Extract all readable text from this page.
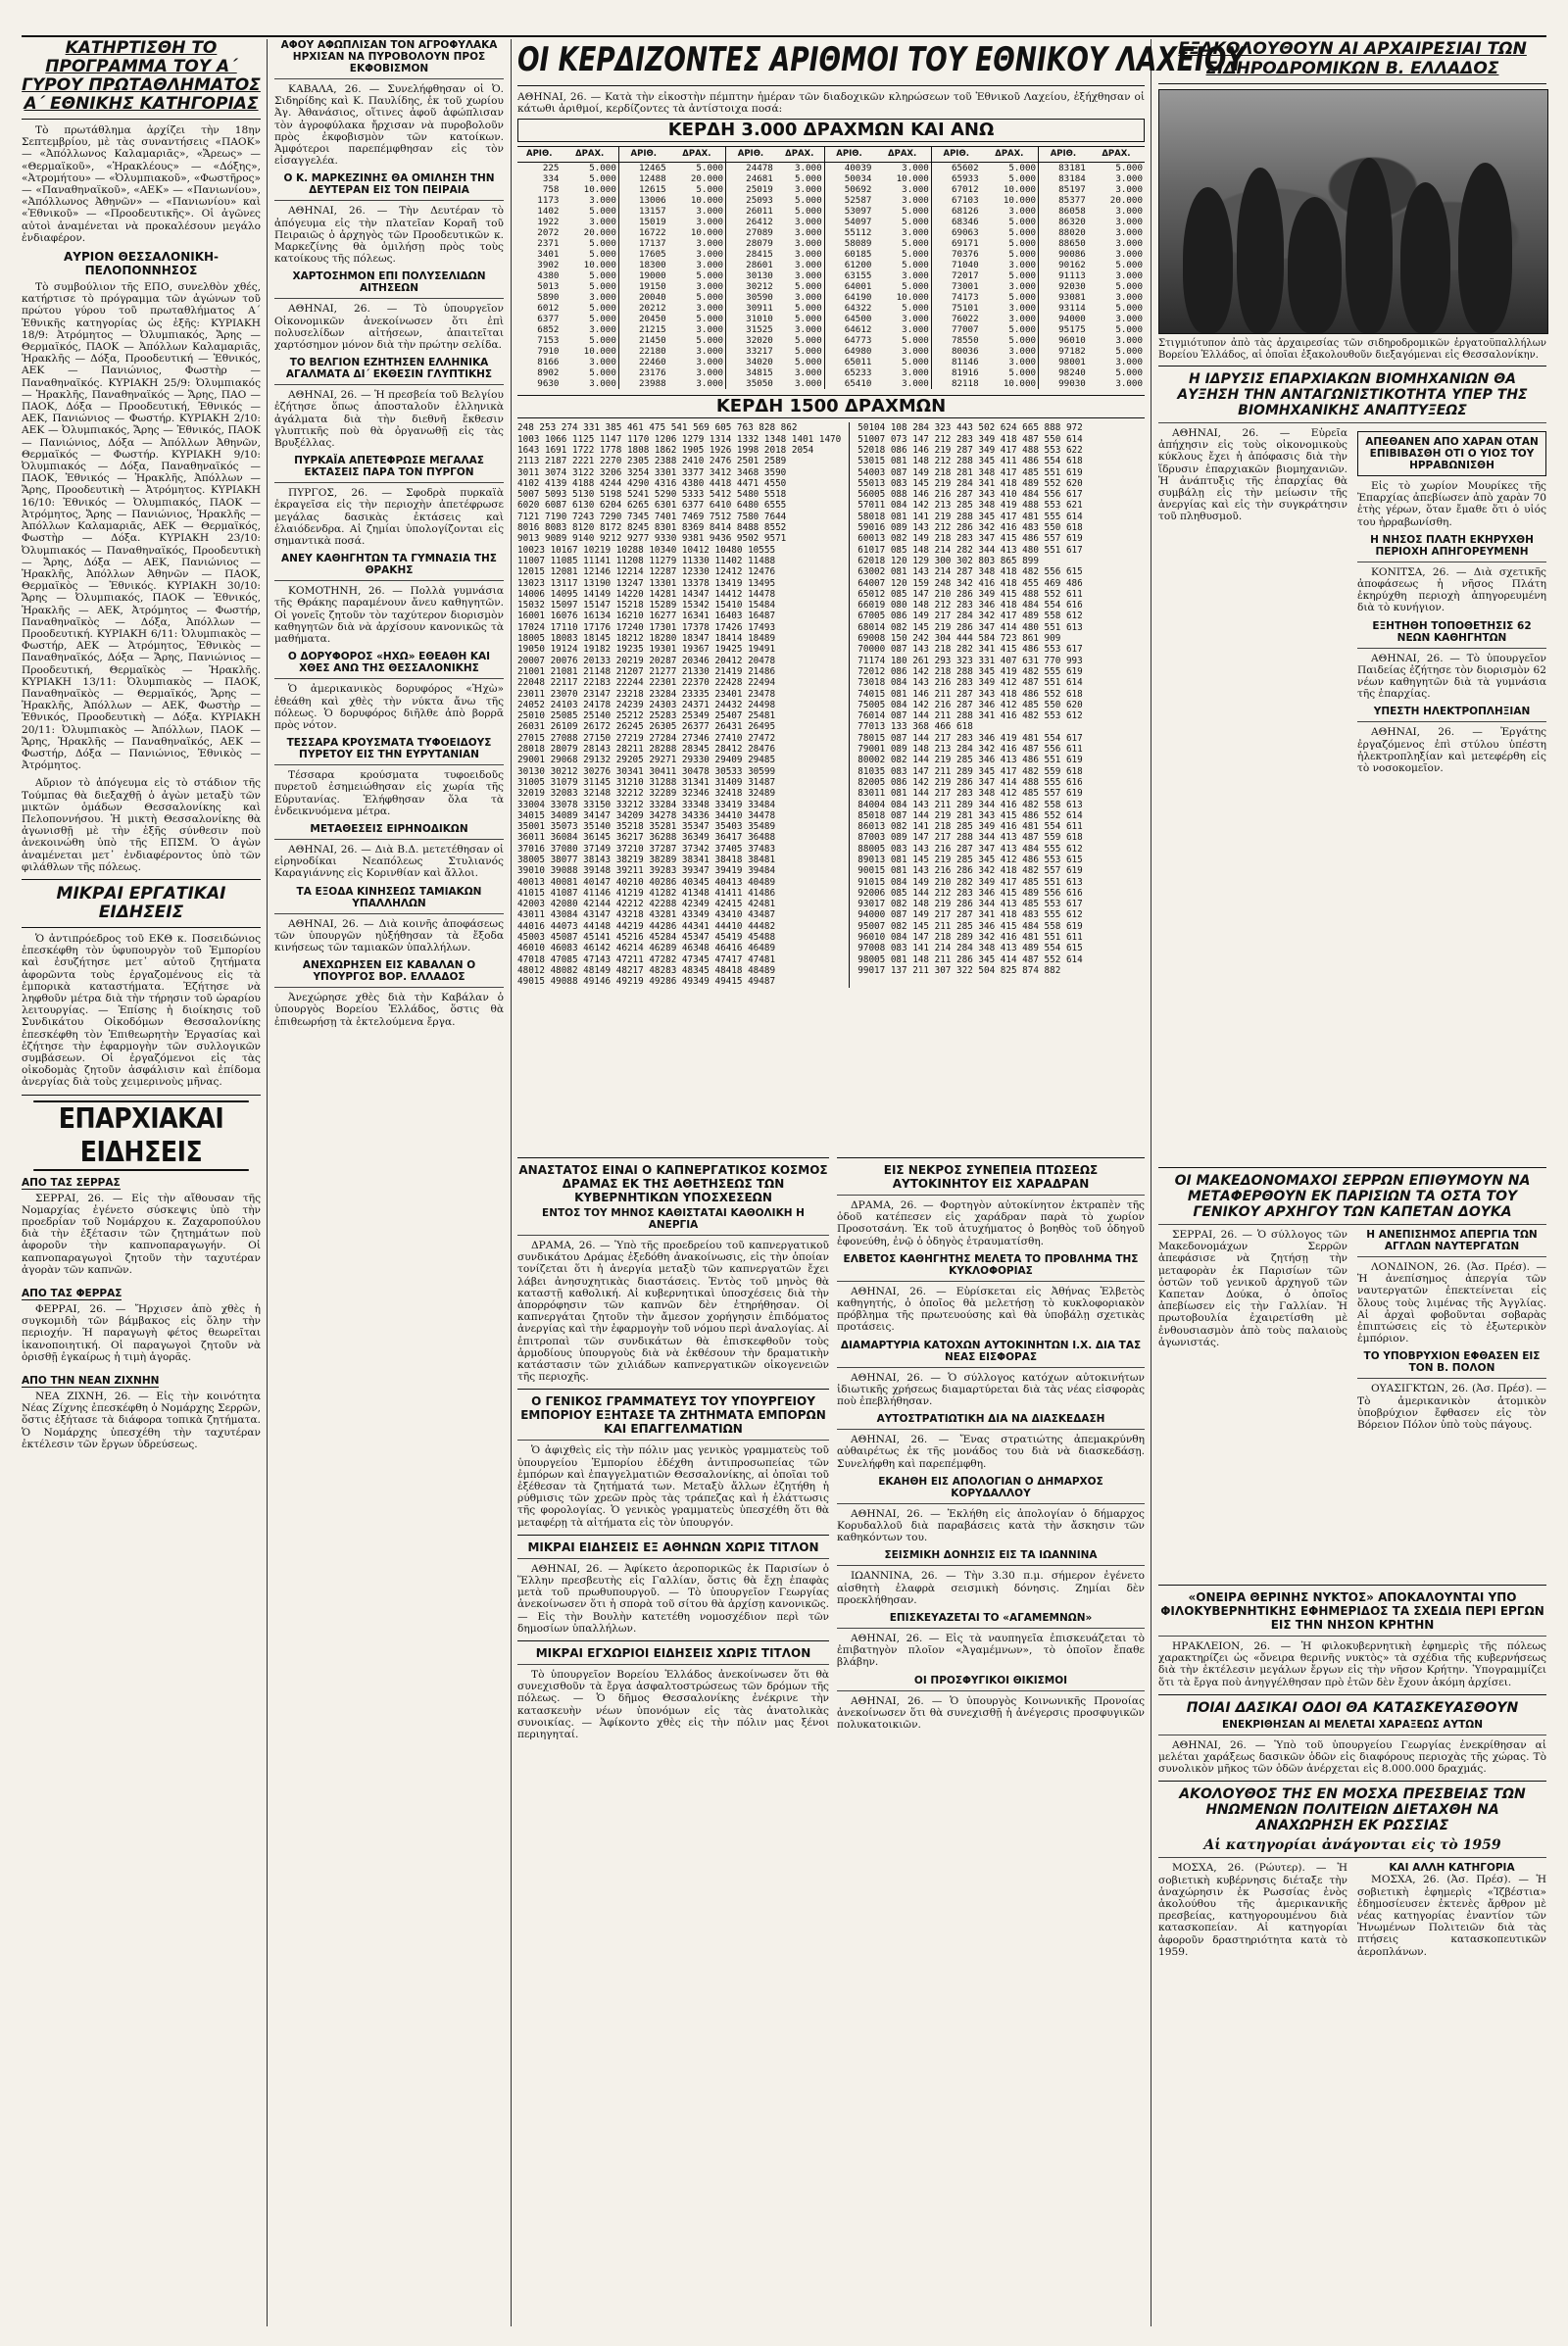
ΚΑΤΗΡΤΙΣΘΗ ΤΟ ΠΡΟΓΡΑΜΜΑ ΤΟΥ Α΄ ΓΥΡΟΥ ΠΡΩΤΑΘΛΗΜΑΤΟΣ Α΄ ΕΘΝΙΚΗΣ ΚΑΤΗΓΟΡΙΑΣ

Τὸ πρωτάθλημα ἀρχίζει τὴν 18ην Σεπτεμβρίου, μὲ τὰς συναντήσεις «ΠΑΟΚ» — «Ἀπόλλωνος Καλαμαριᾶς», «Ἄρεως» — «Θερμαϊκοῦ», «Ἡρακλέους» — «Δόξης», «Ἀτρομήτου» — «Ὀλυμπιακοῦ», «Φωστῆρος» — «Παναθηναϊκοῦ», «ΑΕΚ» — «Πανιωνίου», «Ἀπόλλωνος Ἀθηνῶν» — «Πανιωνίου» καὶ «Ἐθνικοῦ» — «Προοδευτικῆς». Οἱ ἀγῶνες αὐτοὶ ἀναμένεται νὰ προκαλέσουν μεγάλο ἐνδιαφέρον.

ΑΥΡΙΟΝ ΘΕΣΣΑΛΟΝΙΚΗ-ΠΕΛΟΠΟΝΝΗΣΟΣ

Τὸ συμβούλιον τῆς ΕΠΟ, συνελθὸν χθές, κατήρτισε τὸ πρόγραμμα τῶν ἀγώνων τοῦ πρώτου γύρου τοῦ πρωταθλήματος Α΄ Ἐθνικῆς κατηγορίας ὡς ἑξῆς: ΚΥΡΙΑΚΗ 18/9: Ἀτρόμητος — Ὀλυμπιακός, Ἄρης — Θερμαϊκός, ΠΑΟΚ — Ἀπόλλων Καλαμαριᾶς, Ἡρακλῆς — Δόξα, Προοδευτική — Ἐθνικός, ΑΕΚ — Πανιώνιος, Φωστὴρ — Παναθηναϊκός. ΚΥΡΙΑΚΗ 25/9: Ὀλυμπιακός — Ἡρακλῆς, Παναθηναϊκός — Ἄρης, ΠΑΟ — ΠΑΟΚ, Δόξα — Προοδευτική, Ἐθνικός — ΑΕΚ, Πανιώνιος — Φωστήρ. ΚΥΡΙΑΚΗ 2/10: ΑΕΚ — Ὀλυμπιακός, Ἄρης — Ἐθνικός, ΠΑΟΚ — Πανιώνιος, Δόξα — Ἀπόλλων Ἀθηνῶν, Θερμαϊκός — Φωστήρ. ΚΥΡΙΑΚΗ 9/10: Ὀλυμπιακός — Δόξα, Παναθηναϊκός — ΠΑΟΚ, Ἐθνικός — Ἡρακλῆς, Ἀπόλλων — Ἄρης, Προοδευτικὴ — Ἀτρόμητος. ΚΥΡΙΑΚΗ 16/10: Ἐθνικός — Ὀλυμπιακός, ΠΑΟΚ — Ἀτρόμητος, Ἄρης — Πανιώνιος, Ἡρακλῆς — Ἀπόλλων Καλαμαριᾶς, ΑΕΚ — Θερμαϊκός, Φωστὴρ — Δόξα. ΚΥΡΙΑΚΗ 23/10: Ὀλυμπιακός — Παναθηναϊκός, Προοδευτικὴ — Ἄρης, Δόξα — ΑΕΚ, Πανιώνιος — Ἡρακλῆς, Ἀπόλλων Ἀθηνῶν — ΠΑΟΚ, Θερμαϊκὸς — Ἐθνικός. ΚΥΡΙΑΚΗ 30/10: Ἄρης — Ὀλυμπιακός, ΠΑΟΚ — Ἐθνικός, Ἡρακλῆς — ΑΕΚ, Ἀτρόμητος — Φωστήρ, Παναθηναϊκὸς — Δόξα, Ἀπόλλων — Προοδευτική. ΚΥΡΙΑΚΗ 6/11: Ὀλυμπιακὸς — Φωστήρ, ΑΕΚ — Ἀτρόμητος, Ἐθνικὸς — Παναθηναϊκός, Δόξα — Ἄρης, Πανιώνιος — Προοδευτική, Θερμαϊκὸς — Ἡρακλῆς. ΚΥΡΙΑΚΗ 13/11: Ὀλυμπιακὸς — ΠΑΟΚ, Παναθηναϊκὸς — Θερμαϊκός, Ἄρης — Ἡρακλῆς, Ἀπόλλων — ΑΕΚ, Φωστὴρ — Ἐθνικός, Προοδευτικὴ — Δόξα. ΚΥΡΙΑΚΗ 20/11: Ὀλυμπιακὸς — Ἀπόλλων, ΠΑΟΚ — Ἄρης, Ἡρακλῆς — Παναθηναϊκός, ΑΕΚ — Φωστήρ, Δόξα — Πανιώνιος, Ἐθνικὸς — Ἀτρόμητος.

Αὔριον τὸ ἀπόγευμα εἰς τὸ στάδιον τῆς Τούμπας θὰ διεξαχθῇ ὁ ἀγὼν μεταξὺ τῶν μικτῶν ὁμάδων Θεσσαλονίκης καὶ Πελοποννήσου. Ἡ μικτὴ Θεσσαλονίκης θὰ ἀγωνισθῇ μὲ τὴν ἑξῆς σύνθεσιν ποὺ ἀνεκοινώθη ὑπὸ τῆς ΕΠΣΜ. Ὁ ἀγὼν ἀναμένεται μετ᾽ ἐνδιαφέροντος ὑπὸ τῶν φιλάθλων τῆς πόλεως.

ΜΙΚΡΑΙ ΕΡΓΑΤΙΚΑΙ ΕΙΔΗΣΕΙΣ

Ὁ ἀντιπρόεδρος τοῦ ΕΚΘ κ. Ποσειδώνιος ἐπεσκέφθη τὸν ὑφυπουργὸν τοῦ Ἐμπορίου καὶ ἐσυζήτησε μετ᾽ αὐτοῦ ζητήματα ἀφορῶντα τοὺς ἐργαζομένους εἰς τὰ ἐμπορικὰ καταστήματα. Ἐζήτησε νὰ ληφθοῦν μέτρα διὰ τὴν τήρησιν τοῦ ὡραρίου λειτουργίας. — Ἐπίσης ἡ διοίκησις τοῦ Συνδικάτου Οἰκοδόμων Θεσσαλονίκης ἐπεσκέφθη τὸν Ἐπιθεωρητὴν Ἐργασίας καὶ ἐζήτησε τὴν ἐφαρμογὴν τῶν συλλογικῶν συμβάσεων. Οἱ ἐργαζόμενοι εἰς τὰς οἰκοδομὰς ζητοῦν ἀσφάλισιν καὶ ἐπίδομα ἀνεργίας διὰ τοὺς χειμερινοὺς μῆνας.

ΕΠΑΡΧΙΑΚΑΙ ΕΙΔΗΣΕΙΣ
ΑΠΟ ΤΑΣ ΣΕΡΡΑΣ

ΣΕΡΡΑΙ, 26. — Εἰς τὴν αἴθουσαν τῆς Νομαρχίας ἐγένετο σύσκεψις ὑπὸ τὴν προεδρίαν τοῦ Νομάρχου κ. Ζαχαροπούλου διὰ τὴν ἐξέτασιν τῶν ζητημάτων ποὺ ἀφοροῦν τὴν καπνοπαραγωγήν. Οἱ καπνοπαραγωγοὶ ζητοῦν τὴν ταχυτέραν ἀγορὰν τῶν καπνῶν.

ΑΠΟ ΤΑΣ ΦΕΡΡΑΣ

ΦΕΡΡΑΙ, 26. — Ἤρχισεν ἀπὸ χθὲς ἡ συγκομιδὴ τῶν βάμβακος εἰς ὅλην τὴν περιοχήν. Ἡ παραγωγὴ φέτος θεωρεῖται ἱκανοποιητική. Οἱ παραγωγοὶ ζητοῦν νὰ ὁρισθῇ ἐγκαίρως ἡ τιμὴ ἀγορᾶς.

ΑΠΟ ΤΗΝ ΝΕΑΝ ΖΙΧΝΗΝ

ΝΕΑ ΖΙΧΝΗ, 26. — Εἰς τὴν κοινότητα Νέας Ζίχνης ἐπεσκέφθη ὁ Νομάρχης Σερρῶν, ὅστις ἐξήτασε τὰ διάφορα τοπικὰ ζητήματα. Ὁ Νομάρχης ὑπεσχέθη τὴν ταχυτέραν ἐκτέλεσιν τῶν ἔργων ὑδρεύσεως.

ΑΦΟΥ ΑΦΩΠΛΙΣΑΝ ΤΟΝ ΑΓΡΟΦΥΛΑΚΑ ΗΡΧΙΣΑΝ ΝΑ ΠΥΡΟΒΟΛΟΥΝ ΠΡΟΣ ΕΚΦΟΒΙΣΜΟΝ

ΚΑΒΑΛΑ, 26. — Συνελήφθησαν οἱ Ὀ. Σιδηρίδης καὶ Κ. Παυλίδης, ἐκ τοῦ χωρίου Ἀγ. Ἀθανάσιος, οἵτινες ἀφοῦ ἀφώπλισαν τὸν ἀγροφύλακα ἤρχισαν νὰ πυροβολοῦν πρὸς ἐκφοβισμὸν τῶν κατοίκων. Ἀμφότεροι παρεπέμφθησαν εἰς τὸν εἰσαγγελέα.

Ο Κ. ΜΑΡΚΕΖΙΝΗΣ ΘΑ ΟΜΙΛΗΣΗ ΤΗΝ ΔΕΥΤΕΡΑΝ ΕΙΣ ΤΟΝ ΠΕΙΡΑΙΑ

ΑΘΗΝΑΙ, 26. — Τὴν Δευτέραν τὸ ἀπόγευμα εἰς τὴν πλατεῖαν Κοραῆ τοῦ Πειραιῶς ὁ ἀρχηγὸς τῶν Προοδευτικῶν κ. Μαρκεζίνης θὰ ὁμιλήσῃ πρὸς τοὺς κατοίκους τῆς πόλεως.

ΧΑΡΤΟΣΗΜΟΝ ΕΠΙ ΠΟΛΥΣΕΛΙΔΩΝ ΑΙΤΗΣΕΩΝ

ΑΘΗΝΑΙ, 26. — Τὸ ὑπουργεῖον Οἰκονομικῶν ἀνεκοίνωσεν ὅτι ἐπὶ πολυσελίδων αἰτήσεων, ἀπαιτεῖται χαρτόσημον μόνον διὰ τὴν πρώτην σελίδα.

ΤΟ ΒΕΛΓΙΟΝ ΕΖΗΤΗΣΕΝ ΕΛΛΗΝΙΚΑ ΑΓΑΛΜΑΤΑ ΔΙ΄ ΕΚΘΕΣΙΝ ΓΛΥΠΤΙΚΗΣ

ΑΘΗΝΑΙ, 26. — Ἡ πρεσβεία τοῦ Βελγίου ἐζήτησε ὅπως ἀποσταλοῦν ἑλληνικὰ ἀγάλματα διὰ τὴν διεθνῆ ἔκθεσιν γλυπτικῆς ποὺ θὰ ὀργανωθῇ εἰς τὰς Βρυξέλλας.

ΠΥΡΚΑΪΑ ΑΠΕΤΕΦΡΩΣΕ ΜΕΓΑΛΑΣ ΕΚΤΑΣΕΙΣ ΠΑΡΑ ΤΟΝ ΠΥΡΓΟΝ

ΠΥΡΓΟΣ, 26. — Σφοδρὰ πυρκαϊὰ ἐκραγεῖσα εἰς τὴν περιοχὴν ἀπετέφρωσε μεγάλας δασικὰς ἐκτάσεις καὶ ἐλαιόδενδρα. Αἱ ζημίαι ὑπολογίζονται εἰς σημαντικὰ ποσά.

ΑΝΕΥ ΚΑΘΗΓΗΤΩΝ ΤΑ ΓΥΜΝΑΣΙΑ ΤΗΣ ΘΡΑΚΗΣ

ΚΟΜΟΤΗΝΗ, 26. — Πολλὰ γυμνάσια τῆς Θράκης παραμένουν ἄνευ καθηγητῶν. Οἱ γονεῖς ζητοῦν τὸν ταχύτερον διορισμὸν καθηγητῶν διὰ νὰ ἀρχίσουν κανονικῶς τὰ μαθήματα.

Ο ΔΟΡΥΦΟΡΟΣ «ΗΧΩ» ΕΘΕΑΘΗ ΚΑΙ ΧΘΕΣ ΑΝΩ ΤΗΣ ΘΕΣΣΑΛΟΝΙΚΗΣ

Ὁ ἀμερικανικὸς δορυφόρος «Ἠχὼ» ἐθεάθη καὶ χθὲς τὴν νύκτα ἄνω τῆς πόλεως. Ὁ δορυφόρος διῆλθε ἀπὸ βορρᾶ πρὸς νότον.

ΤΕΣΣΑΡΑ ΚΡΟΥΣΜΑΤΑ ΤΥΦΟΕΙΔΟΥΣ ΠΥΡΕΤΟΥ ΕΙΣ ΤΗΝ ΕΥΡΥΤΑΝΙΑΝ

Τέσσαρα κρούσματα τυφοειδοῦς πυρετοῦ ἐσημειώθησαν εἰς χωρία τῆς Εὐρυτανίας. Ἐλήφθησαν ὅλα τὰ ἐνδεικνυόμενα μέτρα.

ΜΕΤΑΘΕΣΕΙΣ ΕΙΡΗΝΟΔΙΚΩΝ

ΑΘΗΝΑΙ, 26. — Διὰ Β.Δ. μετετέθησαν οἱ εἰρηνοδίκαι Νεαπόλεως Στυλιανός Καραγιάννης εἰς Κορινθίαν καὶ ἄλλοι.

ΤΑ ΕΞΟΔΑ ΚΙΝΗΣΕΩΣ ΤΑΜΙΑΚΩΝ ΥΠΑΛΛΗΛΩΝ

ΑΘΗΝΑΙ, 26. — Διὰ κοινῆς ἀποφάσεως τῶν ὑπουργῶν ηὐξήθησαν τὰ ἔξοδα κινήσεως τῶν ταμιακῶν ὑπαλλήλων.

ΑΝΕΧΩΡΗΣΕΝ ΕΙΣ ΚΑΒΑΛΑΝ Ο ΥΠΟΥΡΓΟΣ ΒΟΡ. ΕΛΛΑΔΟΣ

Ἀνεχώρησε χθὲς διὰ τὴν Καβάλαν ὁ ὑπουργὸς Βορείου Ἑλλάδος, ὅστις θὰ ἐπιθεωρήσῃ τὰ ἐκτελούμενα ἔργα.

ΟΙ ΚΕΡΔΙΖΟΝΤΕΣ ΑΡΙΘΜΟΙ ΤΟΥ ΕΘΝΙΚΟΥ ΛΑΧΕΙΟΥ

ΑΘΗΝΑΙ, 26. — Κατὰ τὴν εἰκοστὴν πέμπτην ἡμέραν τῶν διαδοχικῶν κληρώσεων τοῦ Ἐθνικοῦ Λαχείου, ἐξήχθησαν οἱ κάτωθι ἀριθμοί, κερδίζοντες τὰ ἀντίστοιχα ποσά:

ΚΕΡΔΗ 3.000 ΔΡΑΧΜΩΝ ΚΑΙ ΑΝΩ
ΑΡΙΘ.	ΔΡΑΧ.	ΑΡΙΘ.	ΔΡΑΧ.	ΑΡΙΘ.	ΔΡΑΧ.	ΑΡΙΘ.	ΔΡΑΧ.	ΑΡΙΘ.	ΔΡΑΧ.	ΑΡΙΘ.	ΔΡΑΧ.
225	5.000	12465	5.000	24478	3.000	40039	3.000	65602	5.000	83181	5.000
334	5.000	12488	20.000	24681	5.000	50034	10.000	65933	5.000	83184	3.000
758	10.000	12615	5.000	25019	3.000	50692	3.000	67012	10.000	85197	3.000
1173	3.000	13006	10.000	25093	5.000	52587	3.000	67103	10.000	85377	20.000
1402	5.000	13157	3.000	26011	5.000	53097	5.000	68126	3.000	86058	3.000
1922	3.000	15019	3.000	26412	3.000	54097	5.000	68346	5.000	86320	3.000
2072	20.000	16722	10.000	27089	3.000	55112	3.000	69063	5.000	88020	3.000
2371	5.000	17137	3.000	28079	3.000	58089	5.000	69171	5.000	88650	3.000
3401	5.000	17605	3.000	28415	3.000	60185	5.000	70376	5.000	90086	3.000
3902	10.000	18300	3.000	28601	3.000	61200	5.000	71040	3.000	90162	5.000
4380	5.000	19000	5.000	30130	3.000	63155	3.000	72017	5.000	91113	3.000
5013	5.000	19150	3.000	30212	5.000	64001	5.000	73001	3.000	92030	5.000
5890	3.000	20040	5.000	30590	3.000	64190	10.000	74173	5.000	93081	3.000
6012	5.000	20212	3.000	30911	5.000	64322	5.000	75101	3.000	93114	5.000
6377	5.000	20450	5.000	31010	5.000	64500	3.000	76022	3.000	94000	3.000
6852	3.000	21215	3.000	31525	3.000	64612	3.000	77007	5.000	95175	5.000
7153	5.000	21450	5.000	32020	5.000	64773	5.000	78550	5.000	96010	3.000
7910	10.000	22180	3.000	33217	5.000	64980	3.000	80036	3.000	97182	5.000
8166	3.000	22460	3.000	34020	5.000	65011	5.000	81146	3.000	98001	3.000
8902	5.000	23176	3.000	34815	3.000	65233	3.000	81916	5.000	98240	5.000
9630	3.000	23988	3.000	35050	3.000	65410	3.000	82118	10.000	99030	3.000
ΚΕΡΔΗ 1500 ΔΡΑΧΜΩΝ
248 253 274 331 385 461 475 541 569 605 763 828 862
1003 1066 1125 1147 1170 1206 1279 1314 1332 1348 1401 1470
1643 1691 1722 1778 1808 1862 1905 1926 1998 2018 2054
2113 2187 2221 2270 2305 2388 2410 2476 2501 2589
3011 3074 3122 3206 3254 3301 3377 3412 3468 3590
4102 4139 4188 4244 4290 4316 4380 4418 4471 4550
5007 5093 5130 5198 5241 5290 5333 5412 5480 5518
6020 6087 6130 6204 6265 6301 6377 6410 6480 6555
7121 7190 7243 7290 7345 7401 7469 7512 7580 7644
8016 8083 8120 8172 8245 8301 8369 8414 8488 8552
9013 9089 9140 9212 9277 9330 9381 9436 9502 9571
10023 10167 10219 10288 10340 10412 10480 10555
11007 11085 11141 11208 11279 11330 11402 11488
12015 12081 12146 12214 12287 12330 12412 12476
13023 13117 13190 13247 13301 13378 13419 13495
14006 14095 14149 14220 14281 14347 14412 14478
15032 15097 15147 15218 15289 15342 15410 15484
16001 16076 16134 16210 16277 16341 16403 16487
17024 17110 17176 17240 17301 17378 17426 17493
18005 18083 18145 18212 18280 18347 18414 18489
19050 19124 19182 19235 19301 19367 19425 19491
20007 20076 20133 20219 20287 20346 20412 20478
21001 21081 21148 21207 21277 21330 21419 21486
22048 22117 22183 22244 22301 22370 22428 22494
23011 23070 23147 23218 23284 23335 23401 23478
24052 24103 24178 24239 24303 24371 24432 24498
25010 25085 25140 25212 25283 25349 25407 25481
26031 26109 26172 26245 26305 26377 26431 26495
27015 27088 27150 27219 27284 27346 27410 27472
28018 28079 28143 28211 28288 28345 28412 28476
29001 29068 29132 29205 29271 29330 29409 29485
30130 30212 30276 30341 30411 30478 30533 30599
31005 31079 31145 31210 31288 31341 31409 31487
32019 32083 32148 32212 32289 32346 32418 32489
33004 33078 33150 33212 33284 33348 33419 33484
34015 34089 34147 34209 34278 34336 34410 34478
35001 35073 35140 35218 35281 35347 35403 35489
36011 36084 36145 36217 36288 36349 36417 36488
37016 37080 37149 37210 37287 37342 37405 37483
38005 38077 38143 38219 38289 38341 38418 38481
39010 39088 39148 39211 39283 39347 39419 39484
40013 40081 40147 40210 40286 40345 40413 40489
41015 41087 41146 41219 41282 41348 41411 41486
42003 42080 42144 42212 42288 42349 42415 42481
43011 43084 43147 43218 43281 43349 43410 43487
44016 44073 44148 44219 44286 44341 44410 44482
45003 45087 45141 45216 45284 45347 45419 45488
46010 46083 46142 46214 46289 46348 46416 46489
47018 47085 47143 47211 47282 47345 47417 47481
48012 48082 48149 48217 48283 48345 48418 48489
49015 49088 49146 49219 49286 49349 49415 49487
50104 108 284 323 443 502 624 665 888 972
51007 073 147 212 283 349 418 487 550 614
52018 086 146 219 287 349 417 488 553 622
53015 081 148 212 288 345 411 486 554 618
54003 087 149 218 281 348 417 485 551 619
55013 083 145 219 284 341 418 489 552 620
56005 088 146 216 287 343 410 484 556 617
57011 084 142 213 285 348 419 488 553 621
58018 081 141 219 288 345 417 481 555 614
59016 089 143 212 286 342 416 483 550 618
60013 082 149 218 283 347 415 486 557 619
61017 085 148 214 282 344 413 480 551 617
62018 120 129 300 302 803 865 899
63002 081 143 214 287 348 418 482 556 615
64007 120 159 248 342 416 418 455 469 486
65012 085 147 210 286 349 415 488 552 611
66019 080 148 212 283 346 418 484 554 616
67005 086 149 217 284 342 417 489 558 612
68014 082 145 219 286 347 414 480 551 613
69008 150 242 304 444 584 723 861 909
70000 087 143 218 282 341 415 486 553 617
71174 180 261 293 323 331 407 631 770 993
72012 086 142 218 288 345 419 482 555 619
73018 084 143 216 283 349 412 487 551 614
74015 081 146 211 287 343 418 486 552 618
75005 084 142 216 287 346 412 485 550 620
76014 087 144 211 288 341 416 482 553 612
77013 133 368 466 618
78015 087 144 217 283 346 419 481 554 617
79001 089 148 213 284 342 416 487 556 611
80002 082 144 219 285 346 413 486 551 619
81035 083 147 211 289 345 417 482 559 618
82005 086 142 219 286 347 414 488 555 616
83011 081 144 217 283 348 412 485 557 619
84004 084 143 211 289 344 416 482 558 613
85018 087 144 219 281 343 415 486 552 614
86013 082 141 218 285 349 416 481 554 611
87003 089 147 217 288 344 413 487 559 618
88005 083 143 216 287 347 413 484 555 612
89013 081 145 219 285 345 412 486 553 615
90015 081 143 216 286 342 418 482 557 619
91015 084 149 210 282 349 417 485 551 613
92006 085 144 212 283 346 415 489 556 616
93017 082 148 219 286 344 413 485 553 617
94000 087 149 217 287 341 418 483 555 612
95007 082 145 211 285 346 415 484 558 619
96010 084 147 218 289 342 416 481 551 611
97008 083 141 214 284 348 413 489 554 615
98005 081 148 211 286 345 414 487 552 614
99017 137 211 307 322 504 825 874 882
ΑΝΑΣΤΑΤΟΣ ΕΙΝΑΙ Ο ΚΑΠΝΕΡΓΑΤΙΚΟΣ ΚΟΣΜΟΣ ΔΡΑΜΑΣ ΕΚ ΤΗΣ ΑΘΕΤΗΣΕΩΣ ΤΩΝ ΚΥΒΕΡΝΗΤΙΚΩΝ ΥΠΟΣΧΕΣΕΩΝ
ΕΝΤΟΣ ΤΟΥ ΜΗΝΟΣ ΚΑΘΙΣΤΑΤΑΙ ΚΑΘΟΛΙΚΗ Η ΑΝΕΡΓΙΑ

ΔΡΑΜΑ, 26. — Ὑπὸ τῆς προεδρείου τοῦ καπνεργατικοῦ συνδικάτου Δράμας ἐξεδόθη ἀνακοίνωσις, εἰς τὴν ὁποίαν τονίζεται ὅτι ἡ ἀνεργία μεταξὺ τῶν καπνεργατῶν ἔχει λάβει ἀνησυχητικὰς διαστάσεις. Ἐντὸς τοῦ μηνὸς θὰ καταστῇ καθολική. Αἱ κυβερνητικαὶ ὑποσχέσεις διὰ τὴν ἀπορρόφησιν τῶν καπνῶν δὲν ἐτηρήθησαν. Οἱ καπνεργάται ζητοῦν τὴν ἄμεσον χορήγησιν ἐπιδόματος ἀνεργίας καὶ τὴν ἐφαρμογὴν τοῦ νόμου περὶ ἀναλογίας. Αἱ ἐπιτροπαὶ τῶν συνδικάτων θὰ ἐπισκεφθοῦν τοὺς ἁρμοδίους ὑπουργοὺς διὰ νὰ ἐκθέσουν τὴν δραματικὴν κατάστασιν τῶν χιλιάδων καπνεργατικῶν οἰκογενειῶν τῆς περιοχῆς.

Ο ΓΕΝΙΚΟΣ ΓΡΑΜΜΑΤΕΥΣ ΤΟΥ ΥΠΟΥΡΓΕΙΟΥ ΕΜΠΟΡΙΟΥ ΕΞΗΤΑΣΕ ΤΑ ΖΗΤΗΜΑΤΑ ΕΜΠΟΡΩΝ ΚΑΙ ΕΠΑΓΓΕΛΜΑΤΙΩΝ

Ὁ ἀφιχθεὶς εἰς τὴν πόλιν μας γενικὸς γραμματεὺς τοῦ ὑπουργείου Ἐμπορίου ἐδέχθη ἀντιπροσωπείας τῶν ἐμπόρων καὶ ἐπαγγελματιῶν Θεσσαλονίκης, αἱ ὁποῖαι τοῦ ἐξέθεσαν τὰ ζητήματά των. Μεταξὺ ἄλλων ἐζητήθη ἡ ρύθμισις τῶν χρεῶν πρὸς τὰς τράπεζας καὶ ἡ ἐλάττωσις τῆς φορολογίας. Ὁ γενικὸς γραμματεὺς ὑπεσχέθη ὅτι θὰ μεταφέρῃ τὰ αἰτήματα εἰς τὸν ὑπουργόν.

ΜΙΚΡΑΙ ΕΙΔΗΣΕΙΣ ΕΞ ΑΘΗΝΩΝ ΧΩΡΙΣ ΤΙΤΛΟΝ

ΑΘΗΝΑΙ, 26. — Ἀφίκετο ἀεροπορικῶς ἐκ Παρισίων ὁ Ἕλλην πρεσβευτὴς εἰς Γαλλίαν, ὅστις θὰ ἔχῃ ἐπαφὰς μετὰ τοῦ πρωθυπουργοῦ. — Τὸ ὑπουργεῖον Γεωργίας ἀνεκοίνωσεν ὅτι ἡ σπορὰ τοῦ σίτου θὰ ἀρχίσῃ κανονικῶς. — Εἰς τὴν Βουλὴν κατετέθη νομοσχέδιον περὶ τῶν δημοσίων ὑπαλλήλων.

ΜΙΚΡΑΙ ΕΓΧΩΡΙΟΙ ΕΙΔΗΣΕΙΣ ΧΩΡΙΣ ΤΙΤΛΟΝ

Τὸ ὑπουργεῖον Βορείου Ἑλλάδος ἀνεκοίνωσεν ὅτι θὰ συνεχισθοῦν τὰ ἔργα ἀσφαλτοστρώσεως τῶν δρόμων τῆς πόλεως. — Ὁ δῆμος Θεσσαλονίκης ἐνέκρινε τὴν κατασκευὴν νέων ὑπονόμων εἰς τὰς ἀνατολικὰς συνοικίας. — Ἀφίκοντο χθὲς εἰς τὴν πόλιν μας ξένοι περιηγηταί.

ΕΙΣ ΝΕΚΡΟΣ ΣΥΝΕΠΕΙΑ ΠΤΩΣΕΩΣ ΑΥΤΟΚΙΝΗΤΟΥ ΕΙΣ ΧΑΡΑΔΡΑΝ

ΔΡΑΜΑ, 26. — Φορτηγὸν αὐτοκίνητον ἐκτραπὲν τῆς ὁδοῦ κατέπεσεν εἰς χαράδραν παρὰ τὸ χωρίον Προσοτσάνη. Ἐκ τοῦ ἀτυχήματος ὁ βοηθὸς τοῦ ὁδηγοῦ ἐφονεύθη, ἐνῷ ὁ ὁδηγὸς ἐτραυματίσθη.

ΕΛΒΕΤΟΣ ΚΑΘΗΓΗΤΗΣ ΜΕΛΕΤΑ ΤΟ ΠΡΟΒΛΗΜΑ ΤΗΣ ΚΥΚΛΟΦΟΡΙΑΣ

ΑΘΗΝΑΙ, 26. — Εὑρίσκεται εἰς Ἀθήνας Ἑλβετὸς καθηγητής, ὁ ὁποῖος θὰ μελετήσῃ τὸ κυκλοφοριακὸν πρόβλημα τῆς πρωτευούσης καὶ θὰ ὑποβάλῃ σχετικὰς προτάσεις.

ΔΙΑΜΑΡΤΥΡΙΑ ΚΑΤΟΧΩΝ ΑΥΤΟΚΙΝΗΤΩΝ Ι.Χ. ΔΙΑ ΤΑΣ ΝΕΑΣ ΕΙΣΦΟΡΑΣ

ΑΘΗΝΑΙ, 26. — Ὁ σύλλογος κατόχων αὐτοκινήτων ἰδιωτικῆς χρήσεως διαμαρτύρεται διὰ τὰς νέας εἰσφορὰς ποὺ ἐπεβλήθησαν.

ΑΥΤΟΣΤΡΑΤΙΩΤΙΚΗ ΔΙΑ ΝΑ ΔΙΑΣΚΕΔΑΣΗ

ΑΘΗΝΑΙ, 26. — Ἔνας στρατιώτης ἀπεμακρύνθη αὐθαιρέτως ἐκ τῆς μονάδος του διὰ νὰ διασκεδάσῃ. Συνελήφθη καὶ παρεπέμφθη.

ΕΚΑΗΘΗ ΕΙΣ ΑΠΟΛΟΓΙΑΝ Ο ΔΗΜΑΡΧΟΣ ΚΟΡΥΔΑΛΛΟΥ

ΑΘΗΝΑΙ, 26. — Ἐκλήθη εἰς ἀπολογίαν ὁ δήμαρχος Κορυδαλλοῦ διὰ παραβάσεις κατὰ τὴν ἄσκησιν τῶν καθηκόντων του.

ΣΕΙΣΜΙΚΗ ΔΟΝΗΣΙΣ ΕΙΣ ΤΑ ΙΩΑΝΝΙΝΑ

ΙΩΑΝΝΙΝΑ, 26. — Τὴν 3.30 π.μ. σήμερον ἐγένετο αἰσθητὴ ἐλαφρὰ σεισμικὴ δόνησις. Ζημίαι δὲν προεκλήθησαν.

ΕΠΙΣΚΕΥΑΖΕΤΑΙ ΤΟ «ΑΓΑΜΕΜΝΩΝ»

ΑΘΗΝΑΙ, 26. — Εἰς τὰ ναυπηγεῖα ἐπισκευάζεται τὸ ἐπιβατηγὸν πλοῖον «Ἀγαμέμνων», τὸ ὁποῖον ἔπαθε βλάβην.

ΟΙ ΠΡΟΣΦΥΓΙΚΟΙ ΘΙΚΙΣΜΟΙ

ΑΘΗΝΑΙ, 26. — Ὁ ὑπουργὸς Κοινωνικῆς Προνοίας ἀνεκοίνωσεν ὅτι θὰ συνεχισθῇ ἡ ἀνέγερσις προσφυγικῶν πολυκατοικιῶν.

ΕΞΑΚΟΛΟΥΘΟΥΝ ΑΙ ΑΡΧΑΙΡΕΣΙΑΙ ΤΩΝ ΣΙΔΗΡΟΔΡΟΜΙΚΩΝ Β. ΕΛΛΑΔΟΣ
Στιγμιότυπον ἀπὸ τὰς ἀρχαιρεσίας τῶν σιδηροδρομικῶν ἐργατοϋπαλλήλων Βορείου Ἑλλάδος, αἱ ὁποῖαι ἐξακολουθοῦν διεξαγόμεναι εἰς Θεσσαλονίκην.
Η ΙΔΡΥΣΙΣ ΕΠΑΡΧΙΑΚΩΝ ΒΙΟΜΗΧΑΝΙΩΝ ΘΑ ΑΥΞΗΣΗ ΤΗΝ ΑΝΤΑΓΩΝΙΣΤΙΚΟΤΗΤΑ ΥΠΕΡ ΤΗΣ ΒΙΟΜΗΧΑΝΙΚΗΣ ΑΝΑΠΤΥΞΕΩΣ

ΑΘΗΝΑΙ, 26. — Εὑρεῖα ἀπήχησιν εἰς τοὺς οἰκονομικοὺς κύκλους ἔχει ἡ ἀπόφασις διὰ τὴν ἵδρυσιν ἐπαρχιακῶν βιομηχανιῶν. Ἡ ἀνάπτυξις τῆς ἐπαρχίας θὰ συμβάλῃ εἰς τὴν μείωσιν τῆς ἀνεργίας καὶ εἰς τὴν συγκράτησιν τοῦ πληθυσμοῦ.

ΑΠΕΘΑΝΕΝ ΑΠΟ ΧΑΡΑΝ ΟΤΑΝ ΕΠΙΒΙΒΑΣΘΗ ΟΤΙ Ο ΥΙΟΣ ΤΟΥ ΗΡΡΑΒΩΝΙΣΘΗ

Εἰς τὸ χωρίον Μουρίκες τῆς Ἐπαρχίας ἀπεβίωσεν ἀπὸ χαρὰν 70 ἐτὴς γέρων, ὅταν ἔμαθε ὅτι ὁ υἱός του ἠρραβωνίσθη.

Η ΝΗΣΟΣ ΠΛΑΤΗ ΕΚΗΡΥΧΘΗ ΠΕΡΙΟΧΗ ΑΠΗΓΟΡΕΥΜΕΝΗ

ΚΟΝΙΤΣΑ, 26. — Διὰ σχετικῆς ἀποφάσεως ἡ νῆσος Πλάτη ἐκηρύχθη περιοχὴ ἀπηγορευμένη διὰ τὸ κυνήγιον.

ΕΞΗΤΗΘΗ ΤΟΠΟΘΕΤΗΣΙΣ 62 ΝΕΩΝ ΚΑΘΗΓΗΤΩΝ

ΑΘΗΝΑΙ, 26. — Τὸ ὑπουργεῖον Παιδείας ἐζήτησε τὸν διορισμὸν 62 νέων καθηγητῶν διὰ τὰ γυμνάσια τῆς ἐπαρχίας.

ΥΠΕΣΤΗ ΗΛΕΚΤΡΟΠΛΗΞΙΑΝ

ΑΘΗΝΑΙ, 26. — Ἐργάτης ἐργαζόμενος ἐπὶ στύλου ὑπέστη ἠλεκτροπληξίαν καὶ μετεφέρθη εἰς τὸ νοσοκομεῖον.

ΟΙ ΜΑΚΕΔΟΝΟΜΑΧΟΙ ΣΕΡΡΩΝ ΕΠΙΘΥΜΟΥΝ ΝΑ ΜΕΤΑΦΕΡΘΟΥΝ ΕΚ ΠΑΡΙΣΙΩΝ ΤΑ ΟΣΤΑ ΤΟΥ ΓΕΝΙΚΟΥ ΑΡΧΗΓΟΥ ΤΩΝ ΚΑΠΕΤΑΝ ΔΟΥΚΑ

ΣΕΡΡΑΙ, 26. — Ὁ σύλλογος τῶν Μακεδονομάχων Σερρῶν ἀπεφάσισε νὰ ζητήσῃ τὴν μεταφορὰν ἐκ Παρισίων τῶν ὀστῶν τοῦ γενικοῦ ἀρχηγοῦ τῶν Καπεταν Δούκα, ὁ ὁποῖος ἀπεβίωσεν εἰς τὴν Γαλλίαν. Ἡ πρωτοβουλία ἐχαιρετίσθη μὲ ἐνθουσιασμὸν ἀπὸ τοὺς παλαιοὺς ἀγωνιστάς.

Η ΑΝΕΠΙΣΗΜΟΣ ΑΠΕΡΓΙΑ ΤΩΝ ΑΓΓΛΩΝ ΝΑΥΤΕΡΓΑΤΩΝ

ΛΟΝΔΙΝΟΝ, 26. (Ἀσ. Πρέσ). — Ἡ ἀνεπίσημος ἀπεργία τῶν ναυτεργατῶν ἐπεκτείνεται εἰς ὅλους τοὺς λιμένας τῆς Ἀγγλίας. Αἱ ἀρχαὶ φοβοῦνται σοβαρὰς ἐπιπτώσεις εἰς τὸ ἐξωτερικὸν ἐμπόριον.

ΤΟ ΥΠΟΒΡΥΧΙΟΝ ΕΦΘΑΣΕΝ ΕΙΣ ΤΟΝ Β. ΠΟΛΟΝ

ΟΥΑΣΙΓΚΤΩΝ, 26. (Ἀσ. Πρέσ). — Τὸ ἀμερικανικὸν ἀτομικὸν ὑποβρύχιον ἔφθασεν εἰς τὸν Βόρειον Πόλον ὑπὸ τοὺς πάγους.

«ΟΝΕΙΡΑ ΘΕΡΙΝΗΣ ΝΥΚΤΟΣ» ΑΠΟΚΑΛΟΥΝΤΑΙ ΥΠΟ ΦΙΛΟΚΥΒΕΡΝΗΤΙΚΗΣ ΕΦΗΜΕΡΙΔΟΣ ΤΑ ΣΧΕΔΙΑ ΠΕΡΙ ΕΡΓΩΝ ΕΙΣ ΤΗΝ ΝΗΣΟΝ ΚΡΗΤΗΝ

ΗΡΑΚΛΕΙΟΝ, 26. — Ἡ φιλοκυβερνητικὴ ἐφημερὶς τῆς πόλεως χαρακτηρίζει ὡς «ὄνειρα θερινῆς νυκτὸς» τὰ σχέδια τῆς κυβερνήσεως διὰ τὴν ἐκτέλεσιν μεγάλων ἔργων εἰς τὴν νῆσον Κρήτην. Ὑπογραμμίζει ὅτι τὰ ἔργα ποὺ ἀνηγγέλθησαν πρὸ ἐτῶν δὲν ἔχουν ἀκόμη ἀρχίσει.

ΠΟΙΑΙ ΔΑΣΙΚΑΙ ΟΔΟΙ ΘΑ ΚΑΤΑΣΚΕΥΑΣΘΟΥΝ
ΕΝΕΚΡΙΘΗΣΑΝ ΑΙ ΜΕΛΕΤΑΙ ΧΑΡΑΞΕΩΣ ΑΥΤΩΝ

ΑΘΗΝΑΙ, 26. — Ὑπὸ τοῦ ὑπουργείου Γεωργίας ἐνεκρίθησαν αἱ μελέται χαράξεως δασικῶν ὁδῶν εἰς διαφόρους περιοχὰς τῆς χώρας. Τὸ συνολικὸν μῆκος τῶν ὁδῶν ἀνέρχεται εἰς 8.000.000 δραχμάς.

ΑΚΟΛΟΥΘΟΣ ΤΗΣ ΕΝ ΜΟΣΧΑ ΠΡΕΣΒΕΙΑΣ ΤΩΝ ΗΝΩΜΕΝΩΝ ΠΟΛΙΤΕΙΩΝ ΔΙΕΤΑΧΘΗ ΝΑ ΑΝΑΧΩΡΗΣΗ ΕΚ ΡΩΣΣΙΑΣ
Αἱ κατηγορίαι ἀνάγονται εἰς τὸ 1959

ΜΟΣΧΑ, 26. (Ρώυτερ). — Ἡ σοβιετικὴ κυβέρνησις διέταξε τὴν ἀναχώρησιν ἐκ Ρωσσίας ἑνὸς ἀκολούθου τῆς ἀμερικανικῆς πρεσβείας, κατηγορουμένου διὰ κατασκοπείαν. Αἱ κατηγορίαι ἀφοροῦν δραστηριότητα κατὰ τὸ 1959.

ΚΑΙ ΑΛΛΗ ΚΑΤΗΓΟΡΙΑ

ΜΟΣΧΑ, 26. (Ἀσ. Πρέσ). — Ἡ σοβιετικὴ ἐφημερὶς «Ἰζβέστια» ἐδημοσίευσεν ἐκτενὲς ἄρθρον μὲ νέας κατηγορίας ἐναντίον τῶν Ἡνωμένων Πολιτειῶν διὰ τὰς πτήσεις κατασκοπευτικῶν ἀεροπλάνων.
